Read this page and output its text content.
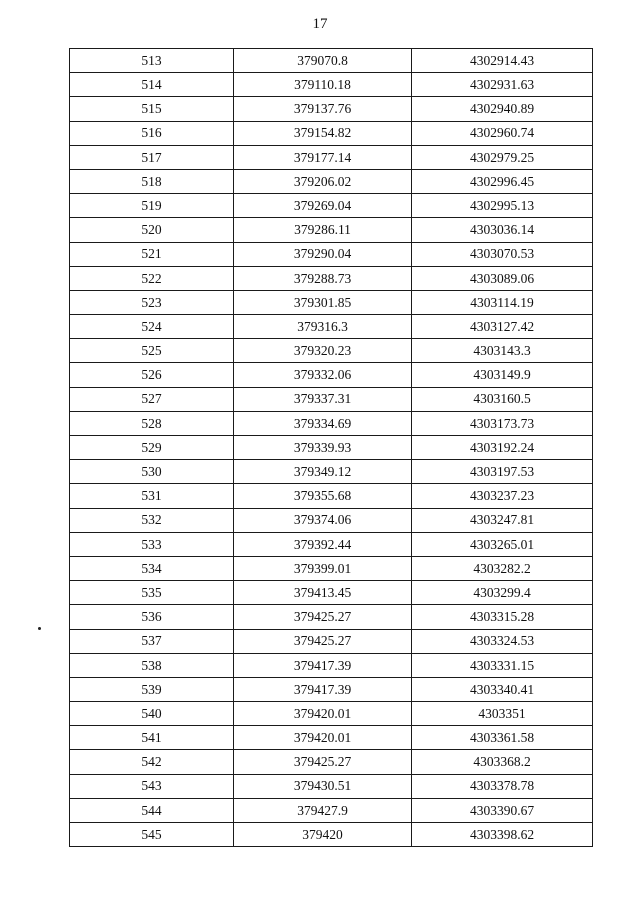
17
513	379070.8	4302914.43
514	379110.18	4302931.63
515	379137.76	4302940.89
516	379154.82	4302960.74
517	379177.14	4302979.25
518	379206.02	4302996.45
519	379269.04	4302995.13
520	379286.11	4303036.14
521	379290.04	4303070.53
522	379288.73	4303089.06
523	379301.85	4303114.19
524	379316.3	4303127.42
525	379320.23	4303143.3
526	379332.06	4303149.9
527	379337.31	4303160.5
528	379334.69	4303173.73
529	379339.93	4303192.24
530	379349.12	4303197.53
531	379355.68	4303237.23
532	379374.06	4303247.81
533	379392.44	4303265.01
534	379399.01	4303282.2
535	379413.45	4303299.4
536	379425.27	4303315.28
537	379425.27	4303324.53
538	379417.39	4303331.15
539	379417.39	4303340.41
540	379420.01	4303351
541	379420.01	4303361.58
542	379425.27	4303368.2
543	379430.51	4303378.78
544	379427.9	4303390.67
545	379420	4303398.62
